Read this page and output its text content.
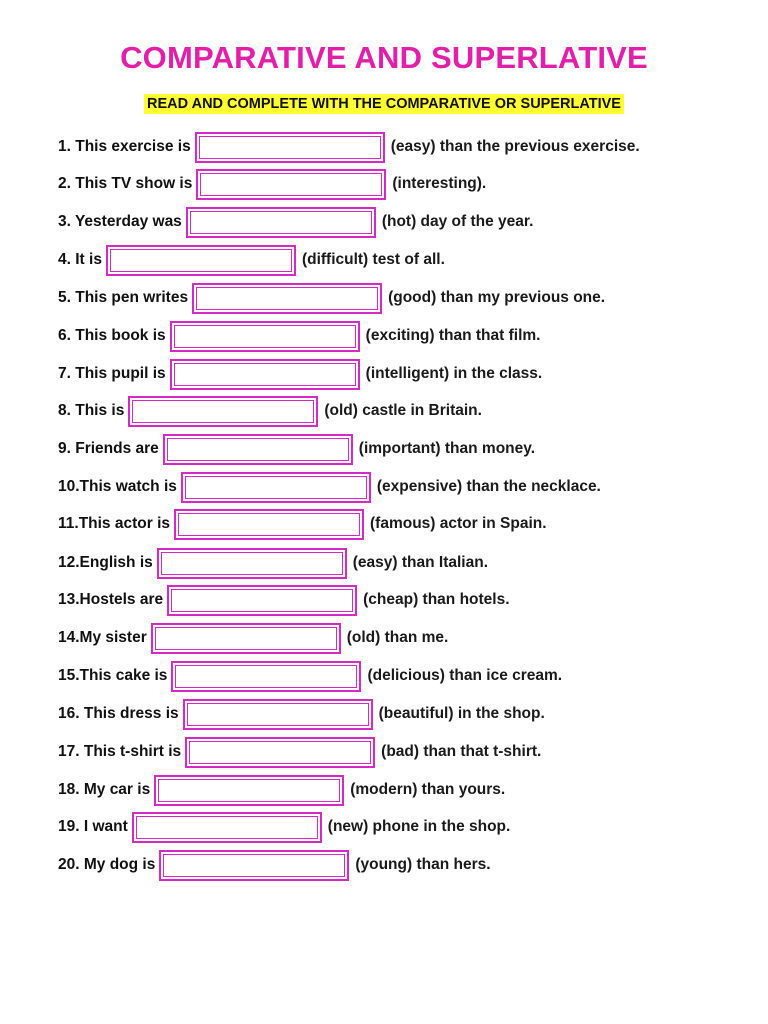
COMPARATIVE AND SUPERLATIVE
READ AND COMPLETE WITH THE COMPARATIVE OR SUPERLATIVE
1. This exercise is	(easy) than the previous exercise.
2. This TV show is	(interesting).
3. Yesterday was	(hot) day of the year.
4. It is	(difficult) test of all.
5. This pen writes	(good) than my previous one.
6. This book is	(exciting) than that film.
7. This pupil is	(intelligent) in the class.
8. This is	(old) castle in Britain.
9. Friends are	(important) than money.
10.This watch is	(expensive) than the necklace.
11.This actor is	(famous) actor in Spain.
12.English is	(easy) than Italian.
13.Hostels are	(cheap) than hotels.
14.My sister	(old) than me.
15.This cake is	(delicious) than ice cream.
16. This dress is	(beautiful) in the shop.
17. This t-shirt is	(bad) than that t-shirt.
18. My car is	(modern) than yours.
19. I want	(new) phone in the shop.
20. My dog is	(young) than hers.
